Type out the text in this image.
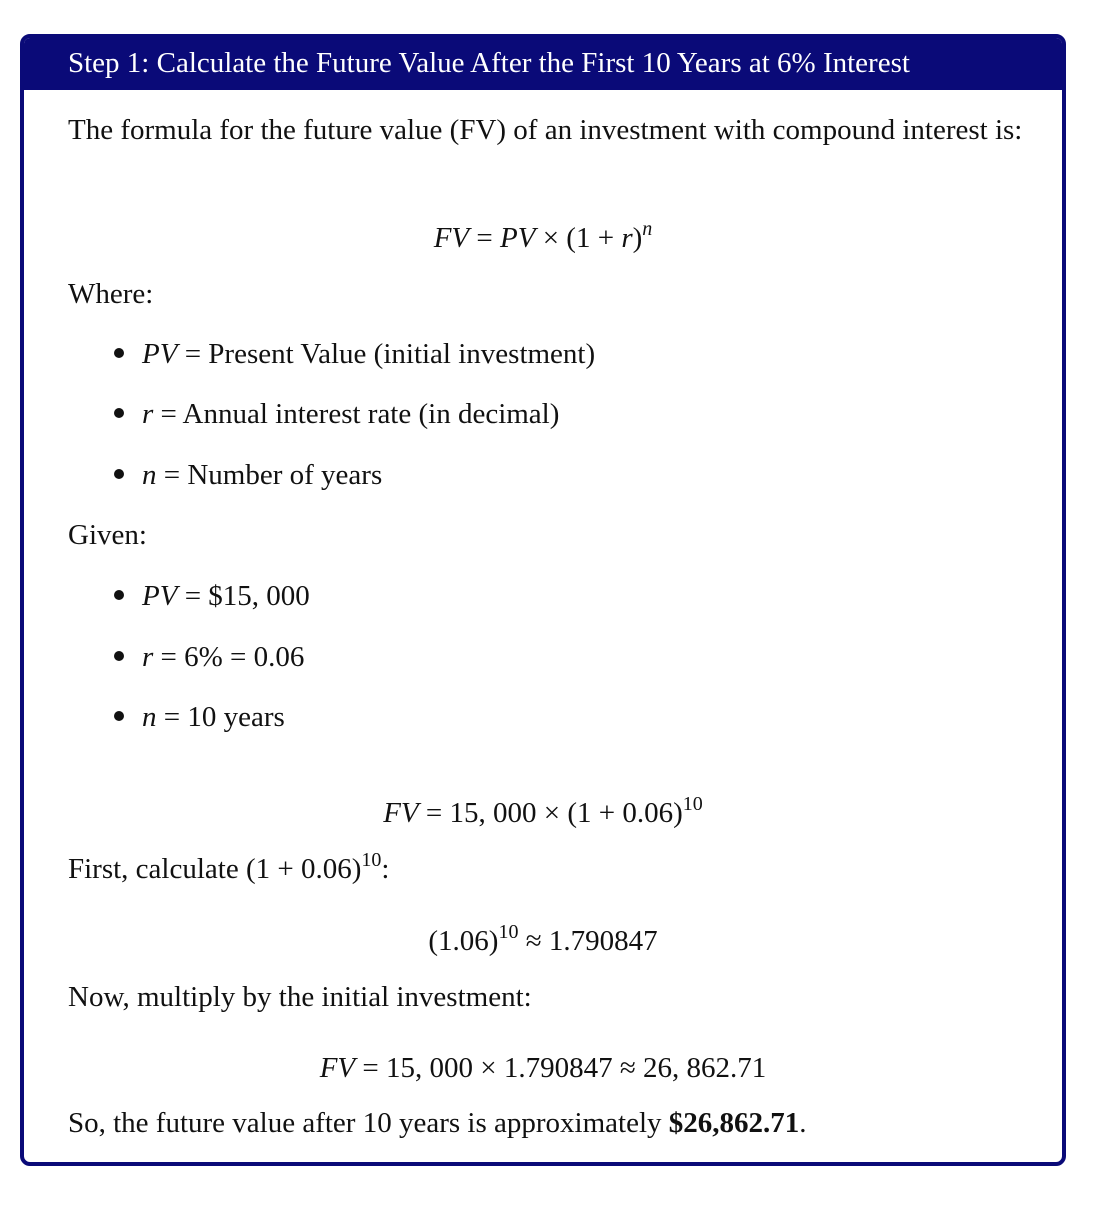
Step 1: Calculate the Future Value After the First 10 Years at 6% Interest

The formula for the future value (FV) of an investment with compound interest is:

FV = PV × $(1 + r)^n$

Where:

PV = Present Value (initial investment)
r = Annual interest rate (in decimal)
n = Number of years

Given:

PV = $15, 000
r = 6% = 0.06
n = 10 years

FV = 15, $000 \times (1 + 0.06)^{10}$

First, calculate $(1 + 0.06)^{10}$:

$(1.06)^{10} \approx 1.790847$

Now, multiply by the initial investment:

FV = 15, 000 × 1.790847 ≈ 26, 862.71

So, the future value after 10 years is approximately $26,862.71.
